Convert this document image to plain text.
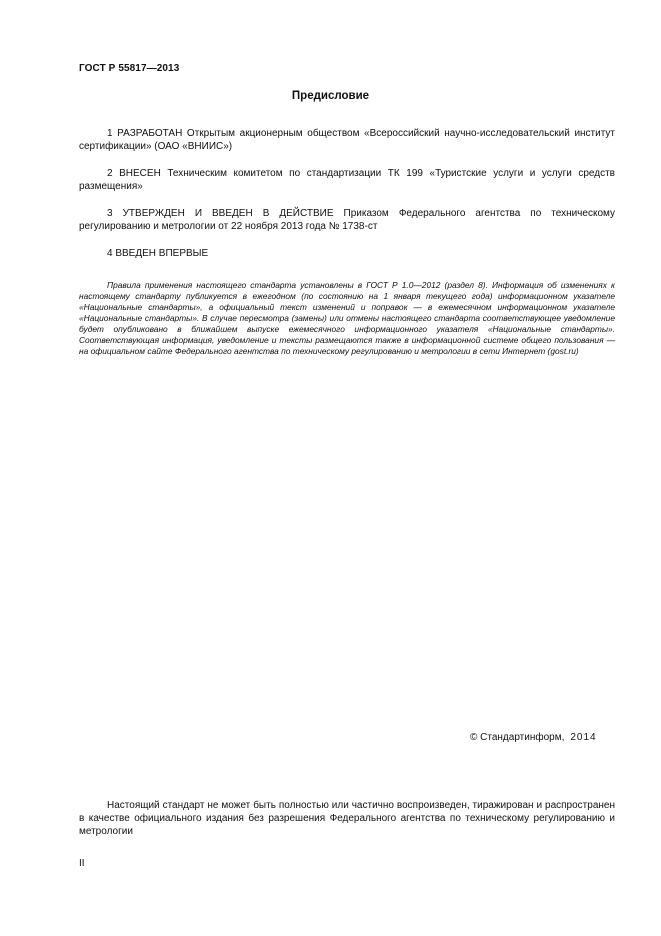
ГОСТ Р 55817—2013
Предисловие

1 РАЗРАБОТАН Открытым акционерным обществом «Всероссийский научно-исследовательский институт сертификации» (ОАО «ВНИИС»)

2 ВНЕСЕН Техническим комитетом по стандартизации ТК 199 «Туристские услуги и услуги средств размещения»

3 УТВЕРЖДЕН И ВВЕДЕН В ДЕЙСТВИЕ Приказом Федерального агентства по техническому регулированию и метрологии от 22 ноября 2013 года № 1738-ст

4 ВВЕДЕН ВПЕРВЫЕ

Правила применения настоящего стандарта установлены в ГОСТ Р 1.0—2012 (раздел 8). Информация об изменениях к настоящему стандарту публикуется в ежегодном (по состоянию на 1 января текущего года) информационном указателе «Национальные стандарты», а официальный текст изменений и поправок — в ежемесячном информационном указателе «Национальные стандарты». В случае пересмотра (замены) или отмены настоящего стандарта соответствующее уведомление будет опубликовано в ближайшем выпуске ежемесячного информационного указателя «Национальные стандарты». Соответствующая информация, уведомление и тексты размещаются также в информационной системе общего пользования — на официальном сайте Федерального агентства по техническому регулированию и метрологии в сети Интернет (gost.ru)

© Стандартинформ, 2014

Настоящий стандарт не может быть полностью или частично воспроизведен, тиражирован и распространен в качестве официального издания без разрешения Федерального агентства по техническому регулированию и метрологии

II
